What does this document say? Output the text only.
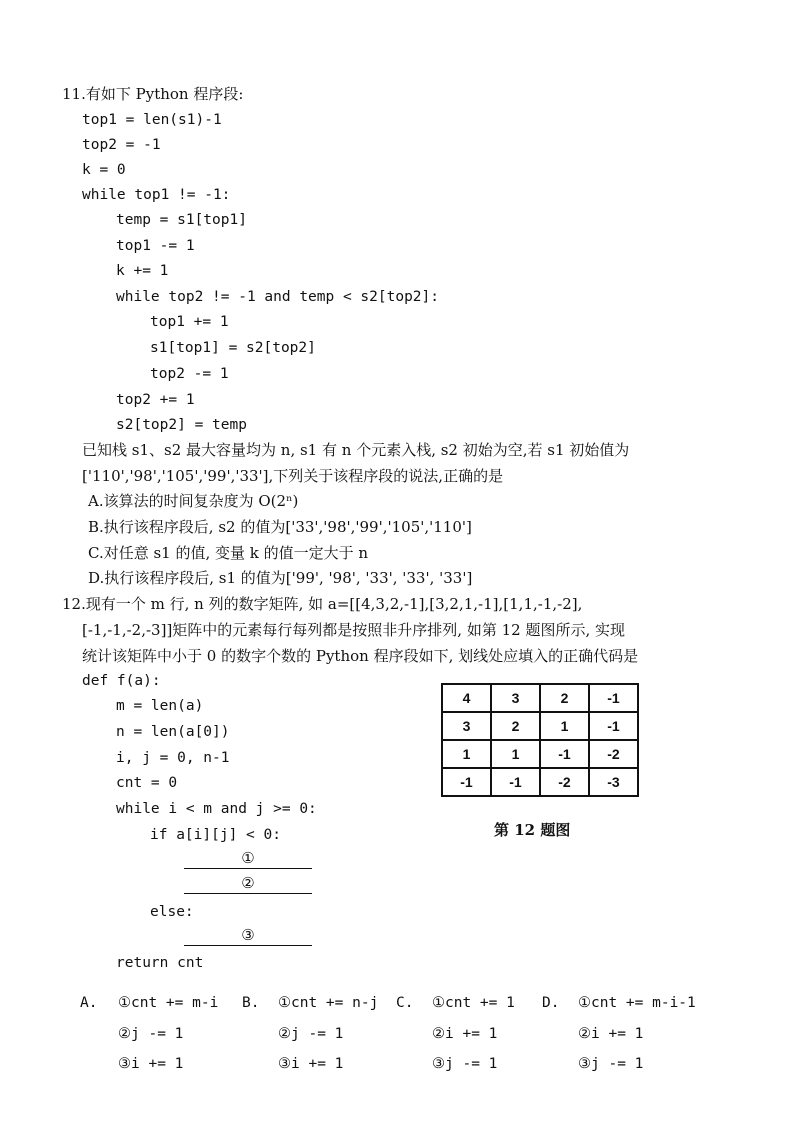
11.有如下 Python 程序段:
top1 = len(s1)-1
top2 = -1
k = 0
while top1 != -1:
temp = s1[top1]
top1 -= 1
k += 1
while top2 != -1 and temp < s2[top2]:
top1 += 1
s1[top1] = s2[top2]
top2 -= 1
top2 += 1
s2[top2] = temp
已知栈 s1、s2 最大容量均为 n, s1 有 n 个元素入栈, s2 初始为空,若 s1 初始值为
['110','98','105','99','33'],下列关于该程序段的说法,正确的是
A.该算法的时间复杂度为 O(2ⁿ)
B.执行该程序段后, s2 的值为['33','98','99','105','110']
C.对任意 s1 的值, 变量 k 的值一定大于 n
D.执行该程序段后, s1 的值为['99', '98', '33', '33', '33']
12.现有一个 m 行, n 列的数字矩阵, 如 a=[[4,3,2,-1],[3,2,1,-1],[1,1,-1,-2],
[-1,-1,-2,-3]]矩阵中的元素每行每列都是按照非升序排列, 如第 12 题图所示, 实现
统计该矩阵中小于 0 的数字个数的 Python 程序段如下, 划线处应填入的正确代码是
def f(a):
m = len(a)
n = len(a[0])
i, j = 0, n-1
cnt = 0
while i < m and j >= 0:
if a[i][j] < 0:
①
②
else:
③
return cnt
4	3	2	-1
3	2	1	-1
1	1	-1	-2
-1	-1	-2	-3
第 12 题图
A. ①cnt += m-i
②j -= 1
③i += 1
B. ①cnt += n-j
②j -= 1
③i += 1
C. ①cnt += 1
②i += 1
③j -= 1
D. ①cnt += m-i-1
②i += 1
③j -= 1
